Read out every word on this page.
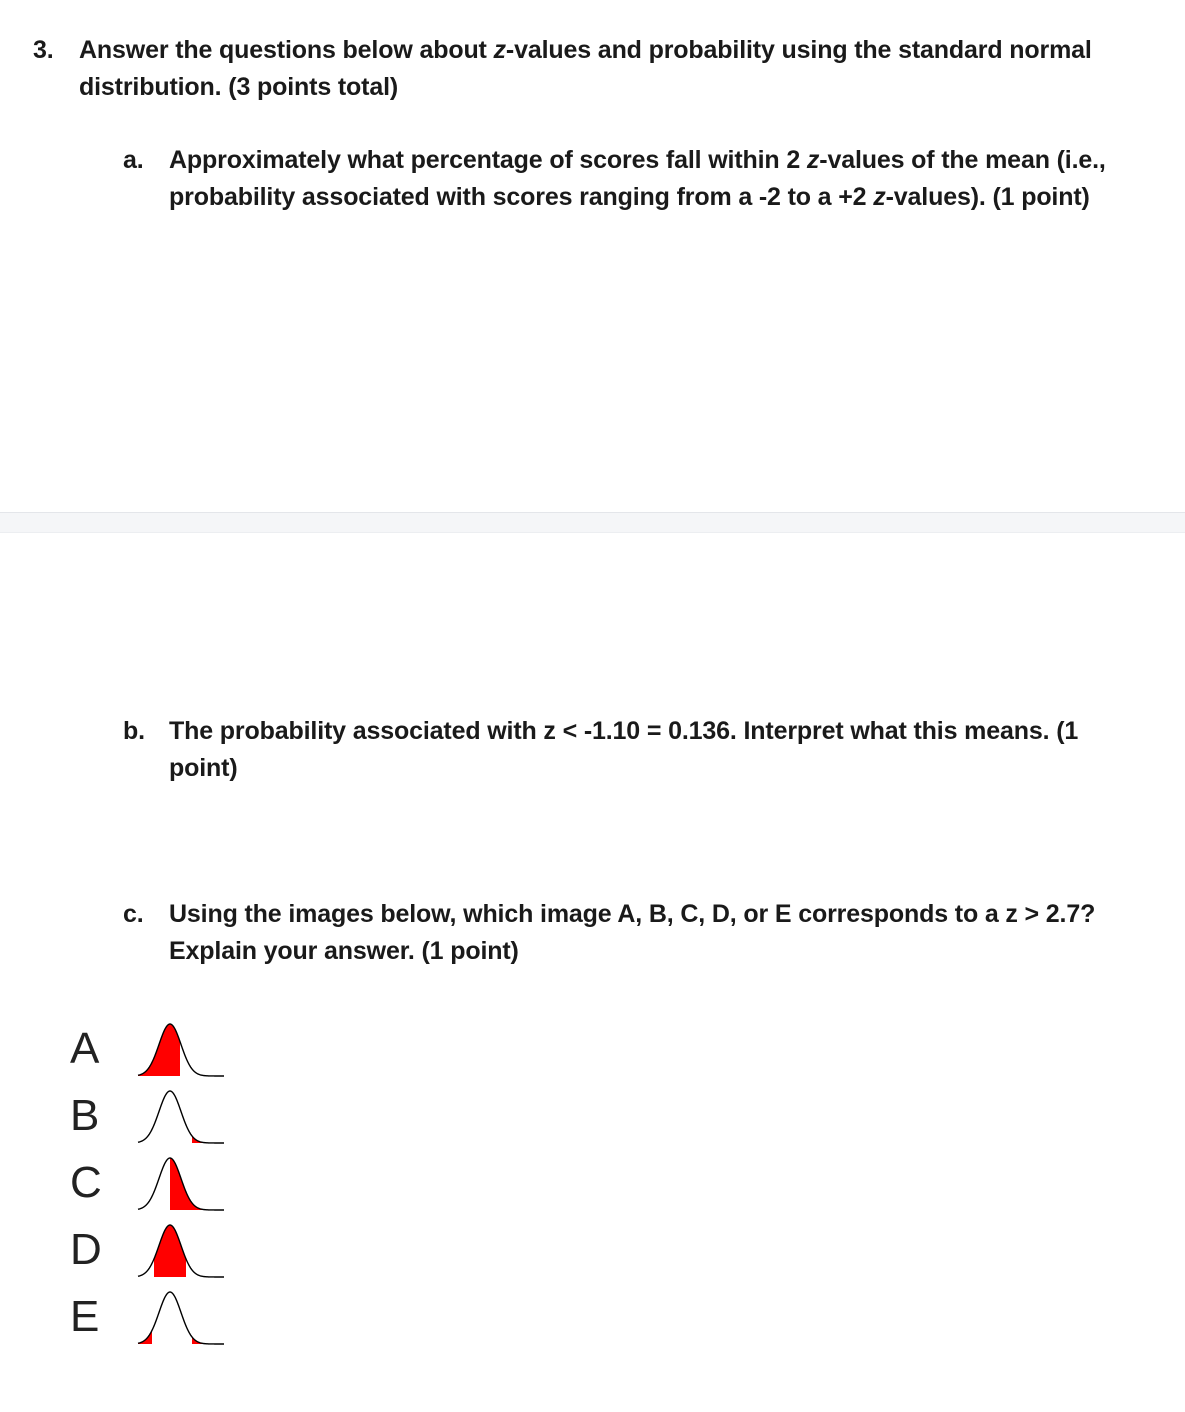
3. Answer the questions below about z-values and probability using the standard normal
distribution. (3 points total)
a. Approximately what percentage of scores fall within 2 z-values of the mean (i.e.,
probability associated with scores ranging from a -2 to a +2 z-values). (1 point)
b. The probability associated with z < -1.10 = 0.136. Interpret what this means. (1
point)
c. Using the images below, which image A, B, C, D, or E corresponds to a z > 2.7?
Explain your answer. (1 point)
A
B
C
D
E
